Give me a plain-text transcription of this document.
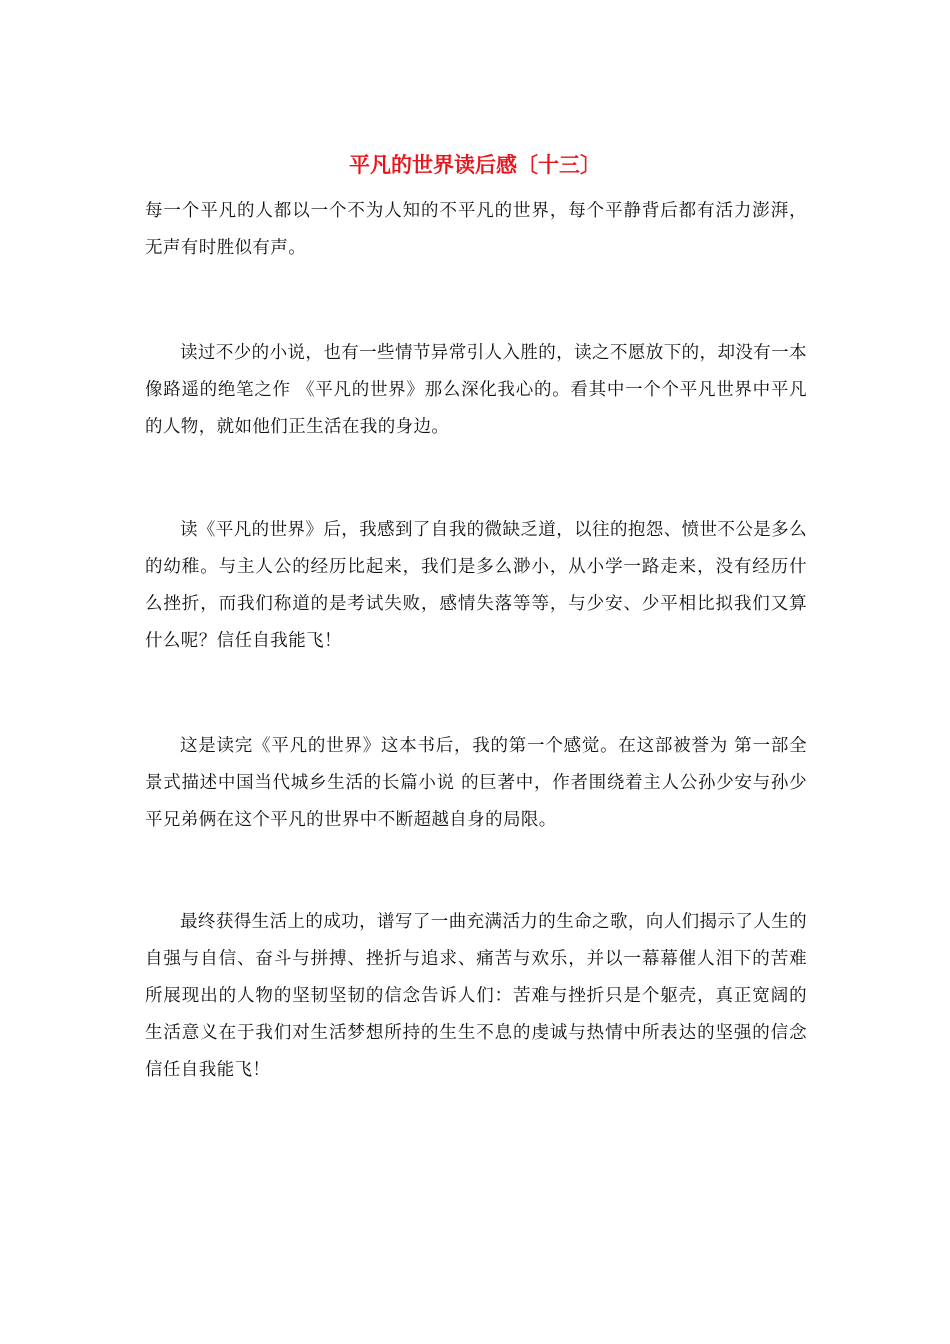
平凡的世界读后感〔十三〕

每一个平凡的人都以一个不为人知的不平凡的世界，每个平静背后都有活力澎湃，无声有时胜似有声。

读过不少的小说，也有一些情节异常引人入胜的，读之不愿放下的，却没有一本像路遥的绝笔之作 《平凡的世界》那么深化我心的。看其中一个个平凡世界中平凡的人物，就如他们正生活在我的身边。

读《平凡的世界》后，我感到了自我的微缺乏道，以往的抱怨、愤世不公是多么的幼稚。与主人公的经历比起来，我们是多么渺小，从小学一路走来，没有经历什么挫折，而我们称道的是考试失败，感情失落等等，与少安、少平相比拟我们又算什么呢？信任自我能飞！

这是读完《平凡的世界》这本书后，我的第一个感觉。在这部被誉为 第一部全景式描述中国当代城乡生活的长篇小说 的巨著中，作者围绕着主人公孙少安与孙少平兄弟俩在这个平凡的世界中不断超越自身的局限。

最终获得生活上的成功，谱写了一曲充满活力的生命之歌，向人们揭示了人生的自强与自信、奋斗与拼搏、挫折与追求、痛苦与欢乐，并以一幕幕催人泪下的苦难所展现出的人物的坚韧坚韧的信念告诉人们：苦难与挫折只是个躯壳，真正宽阔的生活意义在于我们对生活梦想所持的生生不息的虔诚与热情中所表达的坚强的信念 信任自我能飞！
